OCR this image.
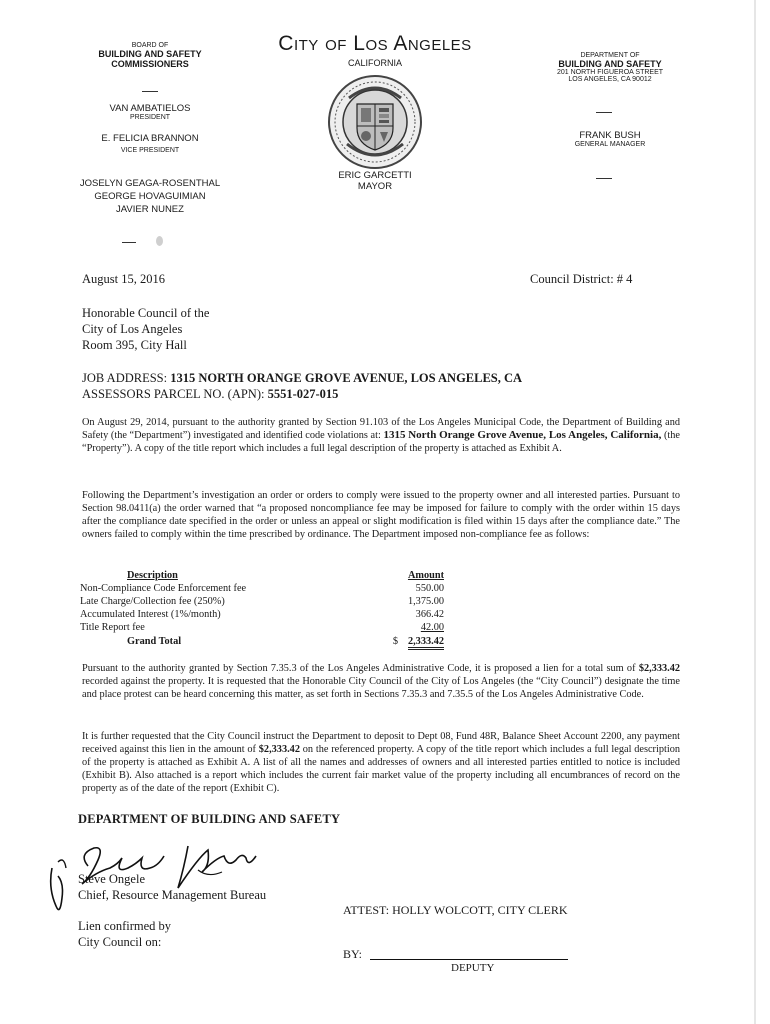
BOARD OF
BUILDING AND SAFETY
COMMISSIONERS
VAN AMBATIELOS
PRESIDENT
E. FELICIA BRANNON
VICE PRESIDENT
JOSELYN GEAGA-ROSENTHAL
GEORGE HOVAGUIMIAN
JAVIER NUNEZ
City of Los Angeles
CALIFORNIA
ERIC GARCETTI
MAYOR
DEPARTMENT OF
BUILDING AND SAFETY
201 NORTH FIGUEROA STREET
LOS ANGELES, CA 90012
FRANK BUSH
GENERAL MANAGER
August 15, 2016	Council District: # 4
Honorable Council of the
City of Los Angeles
Room 395, City Hall
JOB ADDRESS: 1315 NORTH ORANGE GROVE AVENUE, LOS ANGELES, CA
ASSESSORS PARCEL NO. (APN): 5551-027-015
On August 29, 2014, pursuant to the authority granted by Section 91.103 of the Los Angeles Municipal Code, the Department of Building and Safety (the “Department”) investigated and identified code violations at: 1315 North Orange Grove Avenue, Los Angeles, California, (the “Property”). A copy of the title report which includes a full legal description of the property is attached as Exhibit A.
Following the Department’s investigation an order or orders to comply were issued to the property owner and all interested parties. Pursuant to Section 98.0411(a) the order warned that “a proposed noncompliance fee may be imposed for failure to comply with the order within 15 days after the compliance date specified in the order or unless an appeal or slight modification is filed within 15 days after the compliance date.” The owners failed to comply within the time prescribed by ordinance. The Department imposed non-compliance fee as follows:
Description	Amount
Non-Compliance Code Enforcement fee	550.00
Late Charge/Collection fee (250%)	1,375.00
Accumulated Interest (1%/month)	366.42
Title Report fee	42.00
Grand Total	$ 2,333.42
Pursuant to the authority granted by Section 7.35.3 of the Los Angeles Administrative Code, it is proposed a lien for a total sum of $2,333.42 recorded against the property. It is requested that the Honorable City Council of the City of Los Angeles (the “City Council”) designate the time and place protest can be heard concerning this matter, as set forth in Sections 7.35.3 and 7.35.5 of the Los Angeles Administrative Code.
It is further requested that the City Council instruct the Department to deposit to Dept 08, Fund 48R, Balance Sheet Account 2200, any payment received against this lien in the amount of $2,333.42 on the referenced property. A copy of the title report which includes a full legal description of the property is attached as Exhibit A. A list of all the names and addresses of owners and all interested parties entitled to notice is included (Exhibit B). Also attached is a report which includes the current fair market value of the property including all encumbrances of record on the property as of the date of the report (Exhibit C).
DEPARTMENT OF BUILDING AND SAFETY
Steve Ongele
Chief, Resource Management Bureau
ATTEST: HOLLY WOLCOTT, CITY CLERK
Lien confirmed by
City Council on:
BY:
DEPUTY
